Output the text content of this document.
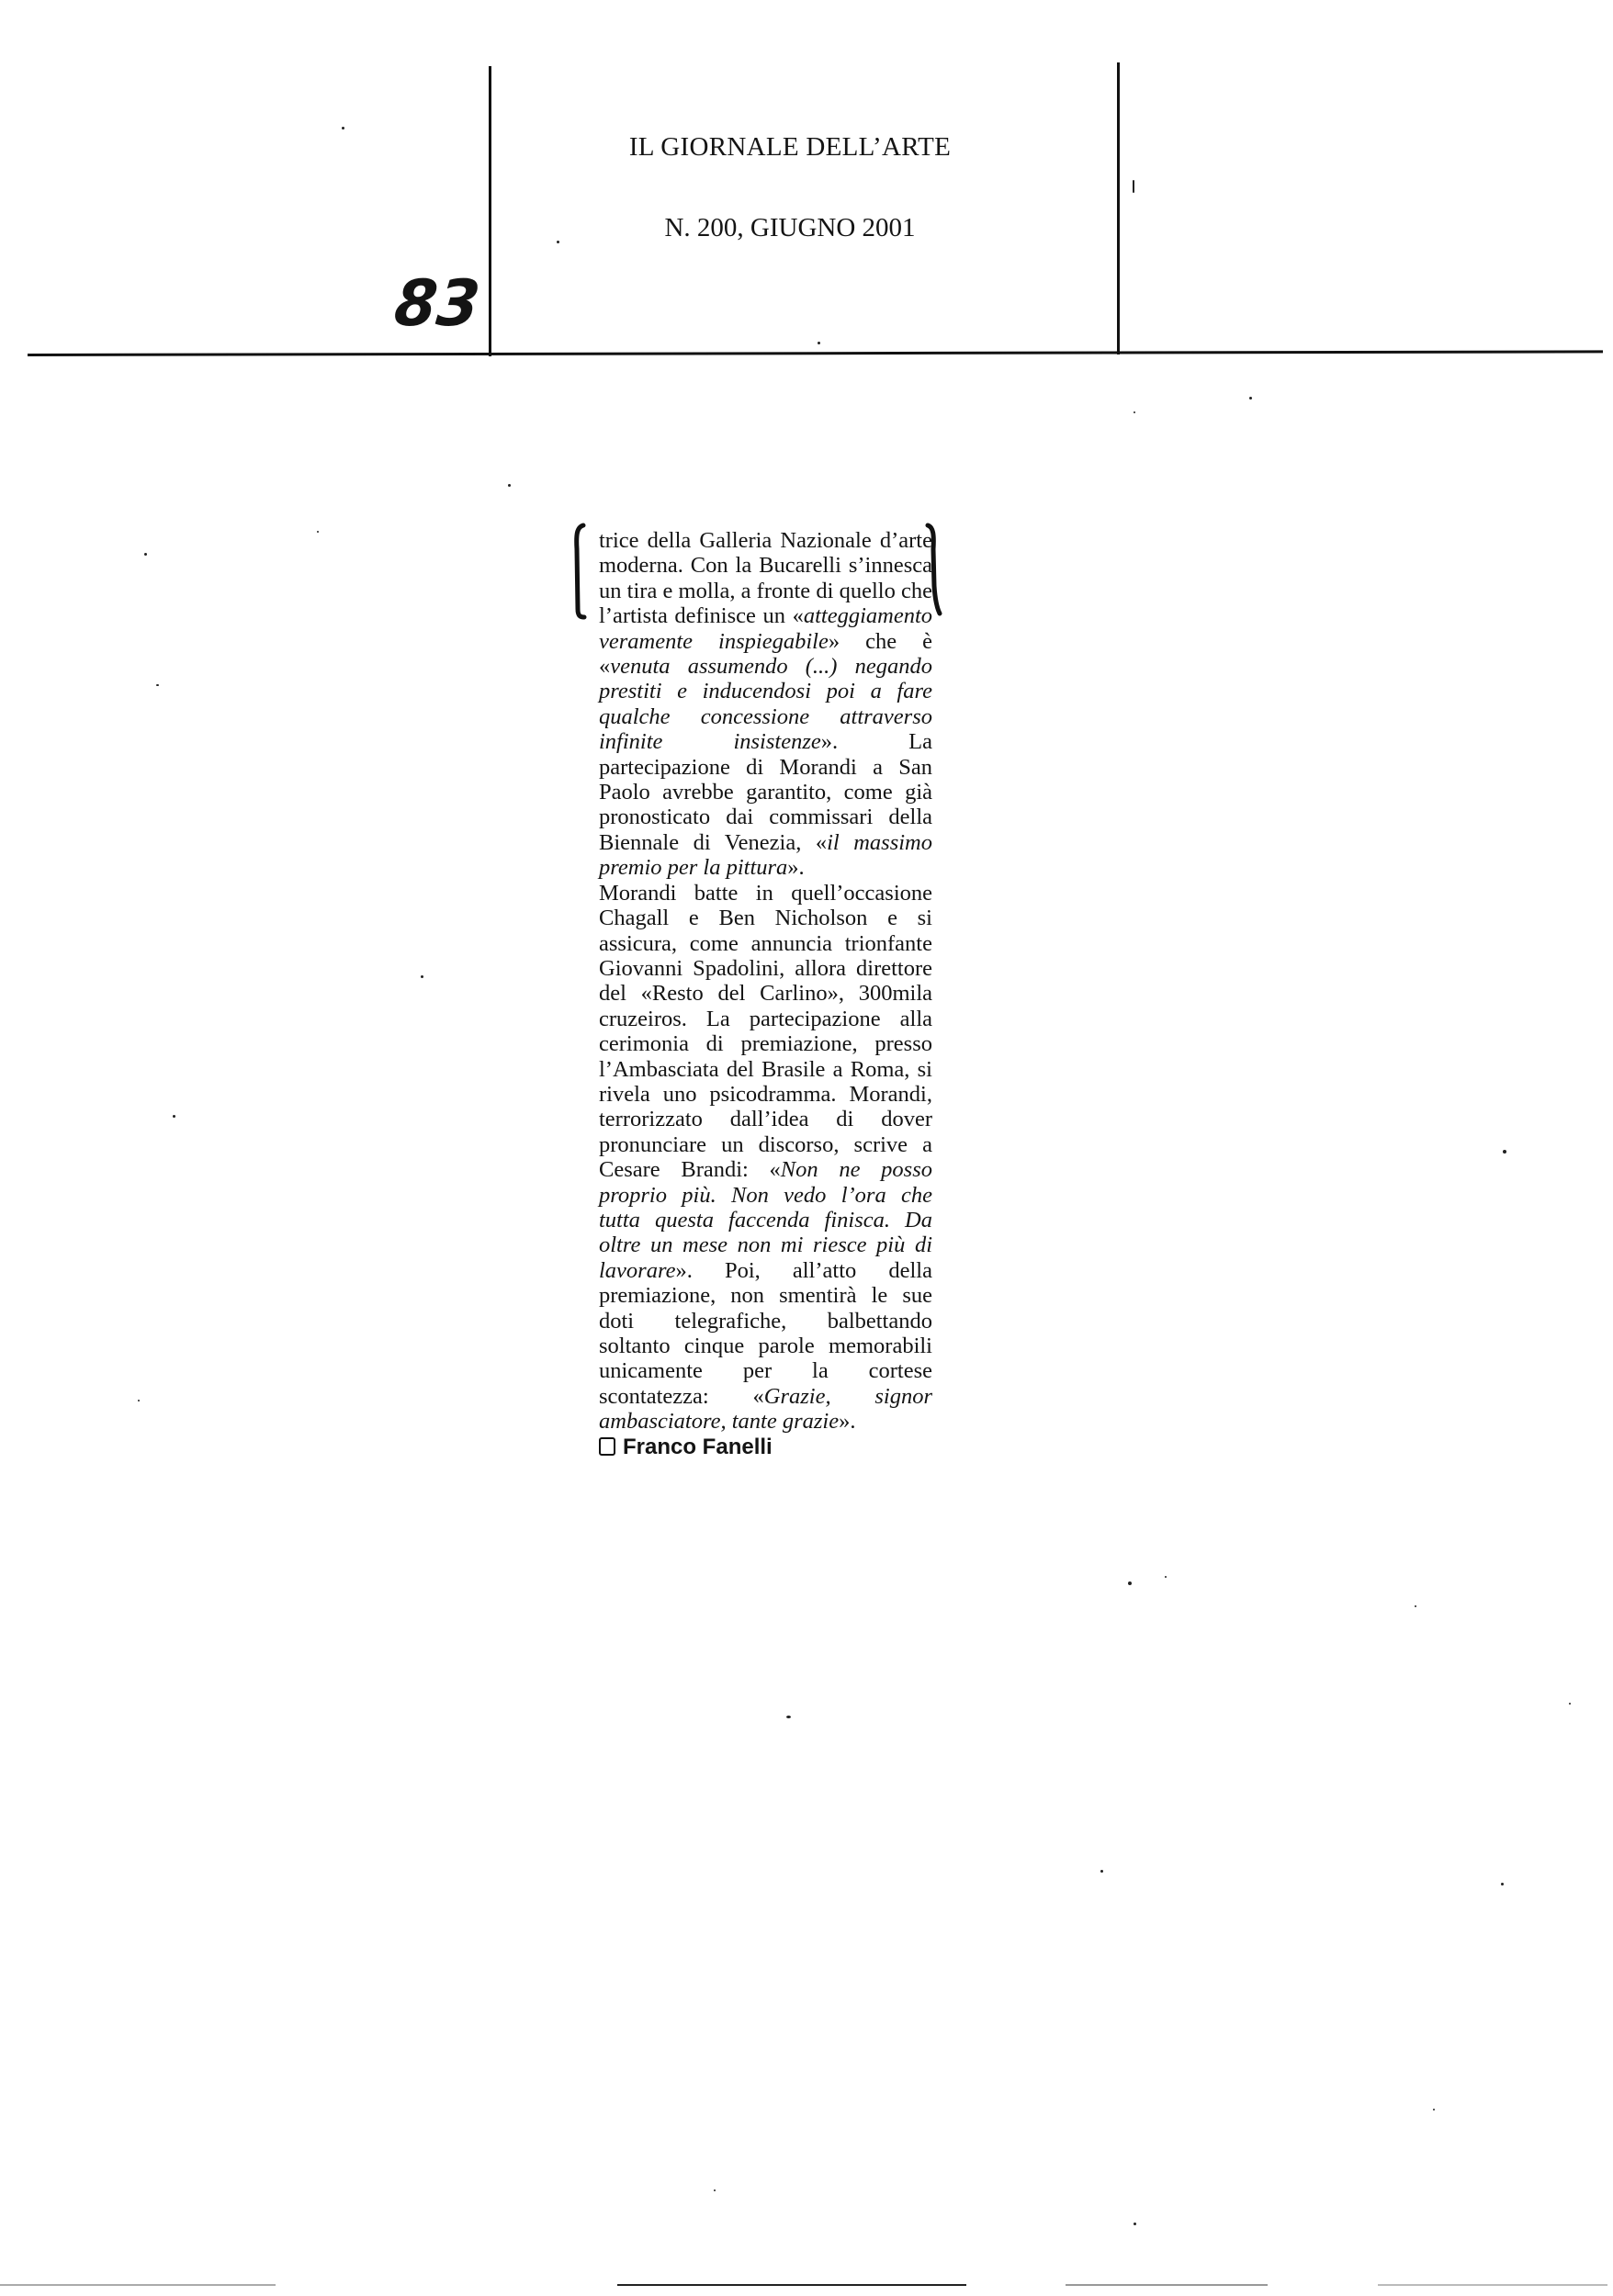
IL GIORNALE DELL’ARTE
N. 200, GIUGNO 2001
83

trice della Galleria Nazionale d’arte moderna. Con la Bucarelli s’innesca un tira e molla, a fronte di quello che l’artista definisce un «atteggiamento veramente inspiegabile» che è «venuta assumendo (...) negando prestiti e inducendosi poi a fare qualche concessione attraverso infinite insistenze». La partecipazione di Morandi a San Paolo avrebbe garantito, come già pronosticato dai commissari della Biennale di Venezia, «il massimo premio per la pittura».

Morandi batte in quell’occasione Chagall e Ben Nicholson e si assicura, come annuncia trionfante Giovanni Spadolini, allora direttore del «Resto del Carlino», 300mila cruzeiros. La partecipazione alla cerimonia di premiazione, presso l’Ambasciata del Brasile a Roma, si rivela uno psicodramma. Morandi, terrorizzato dall’idea di dover pronunciare un discorso, scrive a Cesare Brandi: «Non ne posso proprio più. Non vedo l’ora che tutta questa faccenda finisca. Da oltre un mese non mi riesce più di lavorare». Poi, all’atto della premiazione, non smentirà le sue doti telegrafiche, balbettando soltanto cinque parole memorabili unicamente per la cortese scontatezza: «Grazie, signor ambasciatore, tante grazie».

Franco Fanelli
